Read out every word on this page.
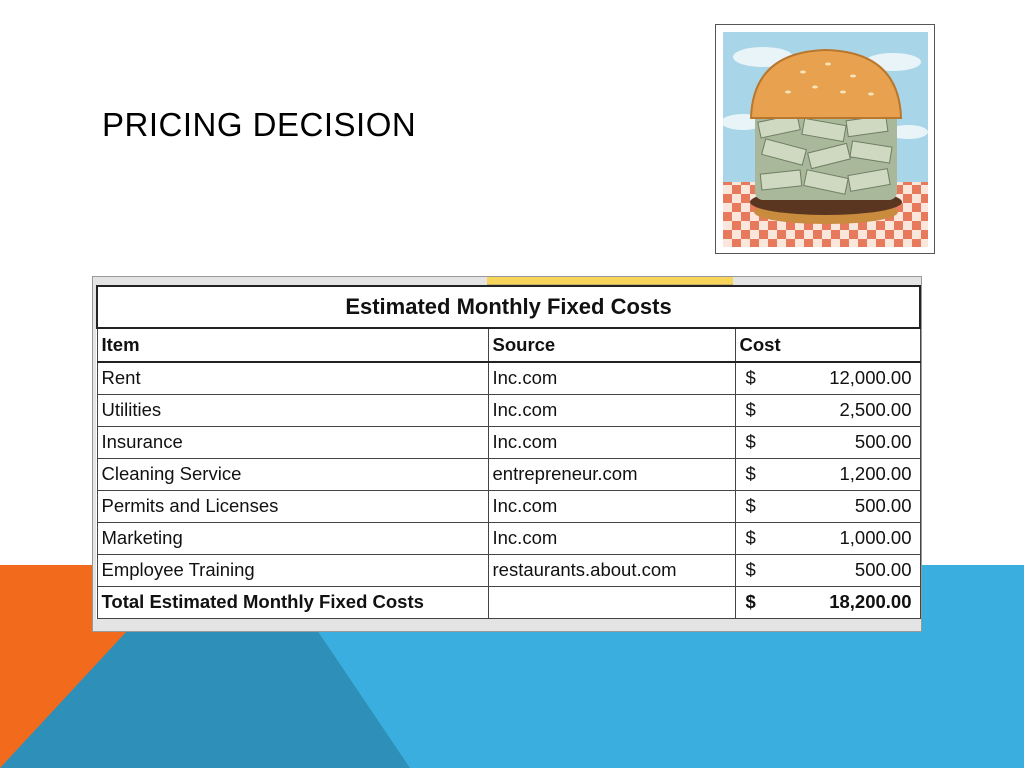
PRICING DECISION
Estimated Monthly Fixed Costs		
Item	Source	Cost
Rent	Inc.com	$ 12,000.00

Utilities	Inc.com	$ 2,500.00

Insurance	Inc.com	$ 500.00

Cleaning Service	entrepreneur.com	$ 1,200.00

Permits and Licenses	Inc.com	$ 500.00

Marketing	Inc.com	$ 1,000.00

Employee Training	restaurants.about.com	$ 500.00

Total Estimated Monthly Fixed Costs		$ 18,200.00
